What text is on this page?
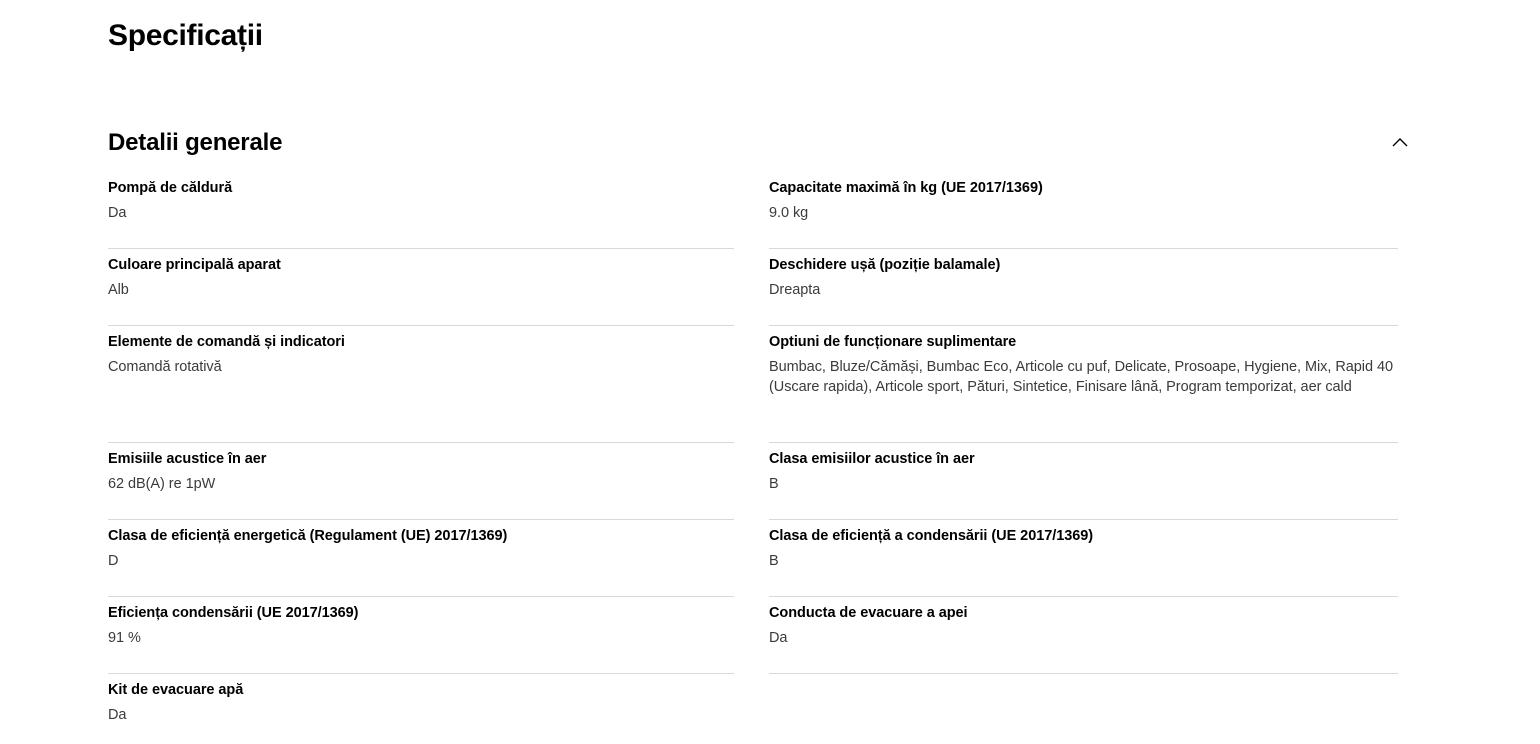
Specificații
Detalii generale
Pompă de căldură
Da
Culoare principală aparat
Alb
Elemente de comandă și indicatori
Comandă rotativă
Emisiile acustice în aer
62 dB(A) re 1pW
Clasa de eficiență energetică (Regulament (UE) 2017/1369)
D
Eficiența condensării (UE 2017/1369)
91 %
Kit de evacuare apă
Da
Capacitate maximă în kg (UE 2017/1369)
9.0 kg
Deschidere ușă (poziție balamale)
Dreapta
Optiuni de funcționare suplimentare
Bumbac, Bluze/Cămăși, Bumbac Eco, Articole cu puf, Delicate, Prosoape, Hygiene, Mix, Rapid 40 (Uscare rapida), Articole sport, Pături, Sintetice, Finisare lână, Program temporizat, aer cald
Clasa emisiilor acustice în aer
B
Clasa de eficiență a condensării (UE 2017/1369)
B
Conducta de evacuare a apei
Da
